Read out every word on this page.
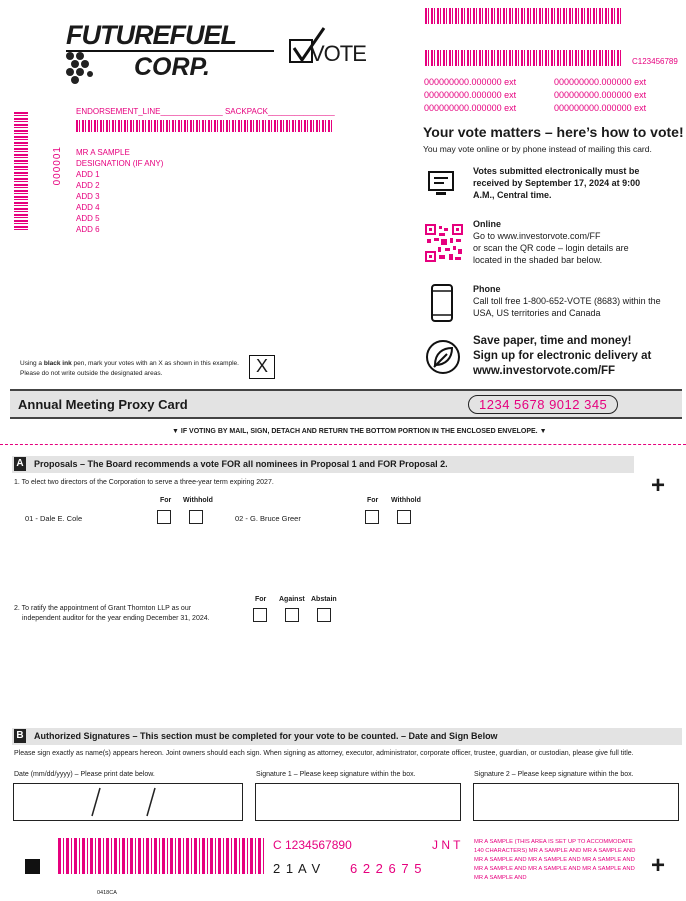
FUTUREFUEL
CORP.	VOTE	C123456789
000000000.000000 ext	000000000.000000 ext
000000000.000000 ext	000000000.000000 ext
000000000.000000 ext	000000000.000000 ext
ENDORSEMENT_LINE______________ SACKPACK_______________
000001 MR A SAMPLE
DESIGNATION (IF ANY)
ADD 1
ADD 2
ADD 3
ADD 4
ADD 5
ADD 6
Your vote matters – here’s how to vote!
You may vote online or by phone instead of mailing this card.
Votes submitted electronically must be received by September 17, 2024 at 9:00 A.M., Central time.
Online
Go to www.investorvote.com/FF
or scan the QR code – login details are located in the shaded bar below.
Phone
Call toll free 1-800-652-VOTE (8683) within the USA, US territories and Canada
Save paper, time and money! Sign up for electronic delivery at www.investorvote.com/FF
Using a black ink pen, mark your votes with an X as shown in this example.
Please do not write outside the designated areas.	X
Annual Meeting Proxy Card	1234 5678 9012 345
▼ IF VOTING BY MAIL, SIGN, DETACH AND RETURN THE BOTTOM PORTION IN THE ENCLOSED ENVELOPE. ▼
A Proposals – The Board recommends a vote FOR all nominees in Proposal 1 and FOR Proposal 2.
1. To elect two directors of the Corporation to serve a three-year term expiring 2027.	+
For Withhold	For Withhold
01 - Dale E. Cole	02 - G. Bruce Greer
For Against Abstain
2. To ratify the appointment of Grant Thornton LLP as our
independent auditor for the year ending December 31, 2024.
B Authorized Signatures – This section must be completed for your vote to be counted. – Date and Sign Below
Please sign exactly as name(s) appears hereon. Joint owners should each sign. When signing as attorney, executor, administrator, corporate officer, trustee, guardian, or custodian, please give full title.
Date (mm/dd/yyyy) – Please print date below.	Signature 1 – Please keep signature within the box.	Signature 2 – Please keep signature within the box.
C 1234567890	J N T
2 1 A V 6 2 2 6 7 5
MR A SAMPLE (THIS AREA IS SET UP TO ACCOMMODATE 140 CHARACTERS) MR A SAMPLE AND MR A SAMPLE AND MR A SAMPLE AND MR A SAMPLE AND MR A SAMPLE AND MR A SAMPLE AND MR A SAMPLE AND MR A SAMPLE AND MR A SAMPLE AND	+
0418CA
